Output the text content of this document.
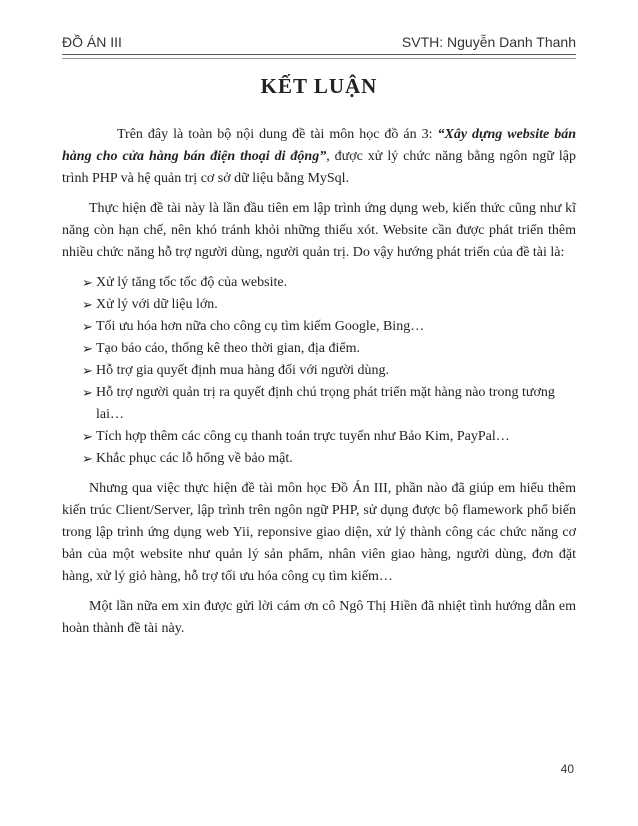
ĐỒ ÁN III	SVTH: Nguyễn Danh Thanh
KẾT LUẬN

Trên đây là toàn bộ nội dung đề tài môn học đồ án 3: “Xây dựng website bán hàng cho cửa hàng bán điện thoại di động”, được xử lý chức năng bằng ngôn ngữ lập trình PHP và hệ quản trị cơ sở dữ liệu bằng MySql.

Thực hiện đề tài này là lần đầu tiên em lập trình ứng dụng web, kiến thức cũng như kĩ năng còn hạn chế, nên khó tránh khỏi những thiếu xót. Website cần được phát triển thêm nhiều chức năng hỗ trợ người dùng, người quản trị. Do vậy hướng phát triển của đề tài là:

➢ Xử lý tăng tốc tốc độ của website.
➢ Xử lý với dữ liệu lớn.
➢ Tối ưu hóa hơn nữa cho công cụ tìm kiếm Google, Bing…
➢ Tạo báo cáo, thống kê theo thời gian, địa điểm.
➢ Hỗ trợ gia quyết định mua hàng đối với người dùng.
➢ Hỗ trợ người quản trị ra quyết định chú trọng phát triển mặt hàng nào trong tương lai…
➢ Tích hợp thêm các công cụ thanh toán trực tuyến như Bảo Kim, PayPal…
➢ Khắc phục các lỗ hổng về bảo mật.

Nhưng qua việc thực hiện đề tài môn học Đồ Án III, phần nào đã giúp em hiểu thêm kiến trúc Client/Server, lập trình trên ngôn ngữ PHP, sử dụng được bộ flamework phổ biến trong lập trình ứng dụng web Yii, reponsive giao diện, xử lý thành công các chức năng cơ bản của một website như quản lý sản phẩm, nhân viên giao hàng, người dùng, đơn đặt hàng, xử lý giỏ hàng, hỗ trợ tối ưu hóa công cụ tìm kiếm…

Một lần nữa em xin được gửi lời cám ơn cô Ngô Thị Hiền đã nhiệt tình hướng dẫn em hoàn thành đề tài này.

40
